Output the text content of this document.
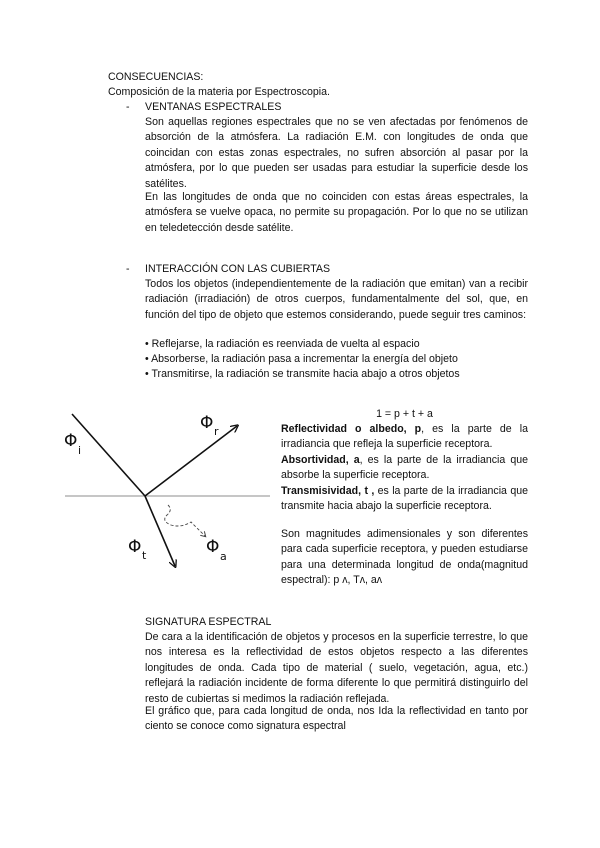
CONSECUENCIAS:

Composición de la materia por Espectroscopia.

- VENTANAS ESPECTRALES

Son aquellas regiones espectrales que no se ven afectadas por fenómenos de absorción de la atmósfera. La radiación E.M. con longitudes de onda que coincidan con estas zonas espectrales, no sufren absorción al pasar por la atmósfera, por lo que pueden ser usadas para estudiar la superficie desde los satélites.

En las longitudes de onda que no coinciden con estas áreas espectrales, la atmósfera se vuelve opaca, no permite su propagación. Por lo que no se utilizan en teledetección desde satélite.

- INTERACCIÓN CON LAS CUBIERTAS

Todos los objetos (independientemente de la radiación que emitan) van a recibir radiación (irradiación) de otros cuerpos, fundamentalmente del sol, que, en función del tipo de objeto que estemos considerando, puede seguir tres caminos:

• Reflejarse, la radiación es reenviada de vuelta al espacio

• Absorberse, la radiación pasa a incrementar la energía del objeto

• Transmitirse, la radiación se transmite hacia abajo a otros objetos

Φ i
Φ r
Φ t	Φ a

1 = p + t + a

Reflectividad o albedo, p, es la parte de la irradiancia que refleja la superficie receptora.

Absortividad, a, es la parte de la irradiancia que absorbe la superficie receptora.

Transmisividad, t , es la parte de la irradiancia que transmite hacia abajo la superficie receptora.

Son magnitudes adimensionales y son diferentes para cada superficie receptora, y pueden estudiarse para una determinada longitud de onda(magnitud espectral): p ʌ, Tʌ, aʌ

SIGNATURA ESPECTRAL

De cara a la identificación de objetos y procesos en la superficie terrestre, lo que nos interesa es la reflectividad de estos objetos respecto a las diferentes longitudes de onda. Cada tipo de material ( suelo, vegetación, agua, etc.) reflejará la radiación incidente de forma diferente lo que permitirá distinguirlo del resto de cubiertas si medimos la radiación reflejada.

El gráfico que, para cada longitud de onda, nos Ida la reflectividad en tanto por ciento se conoce como signatura espectral
